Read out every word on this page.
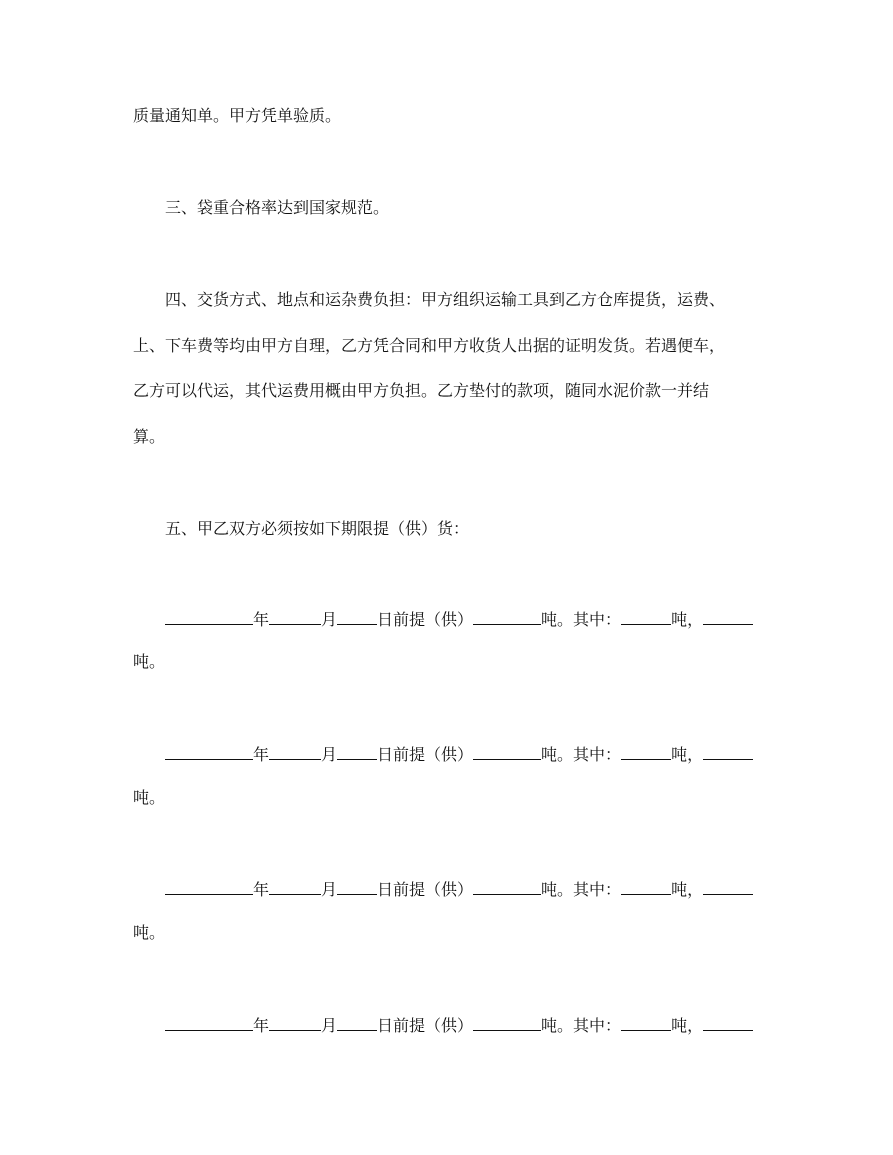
质量通知单。甲方凭单验质。
三、袋重合格率达到国家规范。
四、交货方式、地点和运杂费负担：甲方组织运输工具到乙方仓库提货，运费、
上、下车费等均由甲方自理，乙方凭合同和甲方收货人出据的证明发货。若遇便车，
乙方可以代运，其代运费用概由甲方负担。乙方垫付的款项，随同水泥价款一并结
算。
五、甲乙双方必须按如下期限提（供）货：
年	月	日前提（供）	吨。其中：	吨，
吨。
年	月	日前提（供）	吨。其中：	吨，
吨。
年	月	日前提（供）	吨。其中：	吨，
吨。
年	月	日前提（供）	吨。其中：	吨，
